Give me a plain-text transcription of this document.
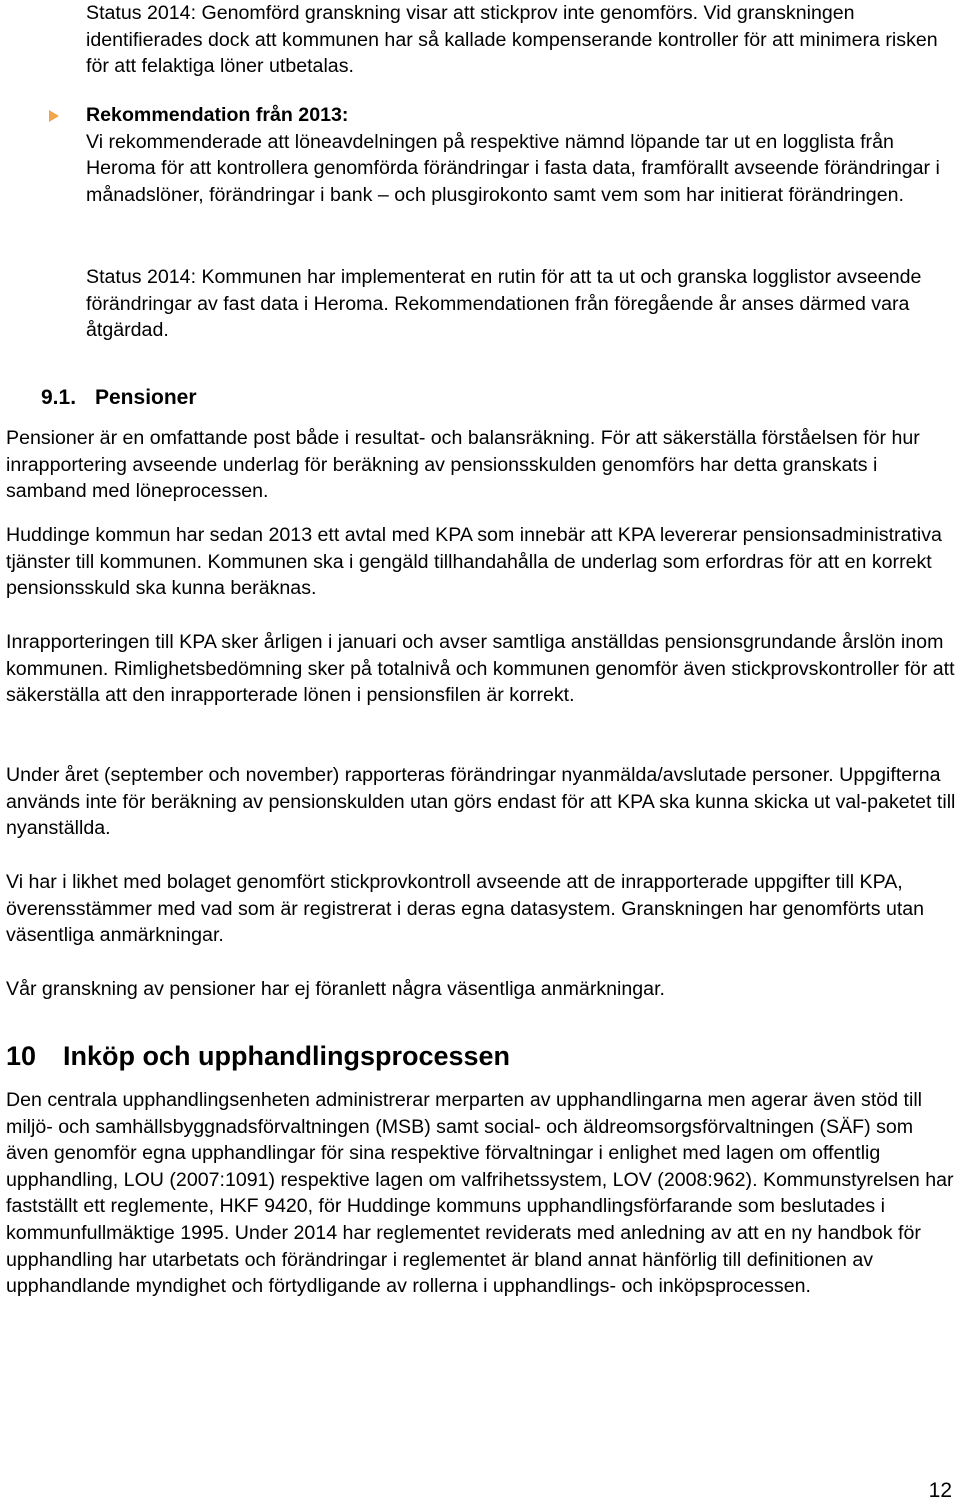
Status 2014: Genomförd granskning visar att stickprov inte genomförs. Vid granskningen identifierades dock att kommunen har så kallade kompenserande kontroller för att minimera risken för att felaktiga löner utbetalas.

Rekommendation från 2013:

Vi rekommenderade att löneavdelningen på respektive nämnd löpande tar ut en logglista från Heroma för att kontrollera genomförda förändringar i fasta data, framförallt avseende förändringar i månadslöner, förändringar i bank – och plusgirokonto samt vem som har initierat förändringen.

Status 2014: Kommunen har implementerat en rutin för att ta ut och granska logglistor avseende förändringar av fast data i Heroma. Rekommendationen från föregående år anses därmed vara åtgärdad.

9.1. Pensioner

Pensioner är en omfattande post både i resultat- och balansräkning. För att säkerställa förståelsen för hur inrapportering avseende underlag för beräkning av pensionsskulden genomförs har detta granskats i samband med löneprocessen.

Huddinge kommun har sedan 2013 ett avtal med KPA som innebär att KPA levererar pensionsadministrativa tjänster till kommunen. Kommunen ska i gengäld tillhandahålla de underlag som erfordras för att en korrekt pensionsskuld ska kunna beräknas.

Inrapporteringen till KPA sker årligen i januari och avser samtliga anställdas pensionsgrundande årslön inom kommunen. Rimlighetsbedömning sker på totalnivå och kommunen genomför även stickprovskontroller för att säkerställa att den inrapporterade lönen i pensionsfilen är korrekt.

Under året (september och november) rapporteras förändringar nyanmälda/avslutade personer. Uppgifterna används inte för beräkning av pensionskulden utan görs endast för att KPA ska kunna skicka ut val-paketet till nyanställda.

Vi har i likhet med bolaget genomfört stickprovkontroll avseende att de inrapporterade uppgifter till KPA, överensstämmer med vad som är registrerat i deras egna datasystem. Granskningen har genomförts utan väsentliga anmärkningar.

Vår granskning av pensioner har ej föranlett några väsentliga anmärkningar.

10 Inköp och upphandlingsprocessen

Den centrala upphandlingsenheten administrerar merparten av upphandlingarna men agerar även stöd till miljö- och samhällsbyggnadsförvaltningen (MSB) samt social- och äldreomsorgsförvaltningen (SÄF) som även genomför egna upphandlingar för sina respektive förvaltningar i enlighet med lagen om offentlig upphandling, LOU (2007:1091) respektive lagen om valfrihetssystem, LOV (2008:962). Kommunstyrelsen har fastställt ett reglemente, HKF 9420, för Huddinge kommuns upphandlingsförfarande som beslutades i kommunfullmäktige 1995. Under 2014 har reglementet reviderats med anledning av att en ny handbok för upphandling har utarbetats och förändringar i reglementet är bland annat hänförlig till definitionen av upphandlande myndighet och förtydligande av rollerna i upphandlings- och inköpsprocessen.

12
